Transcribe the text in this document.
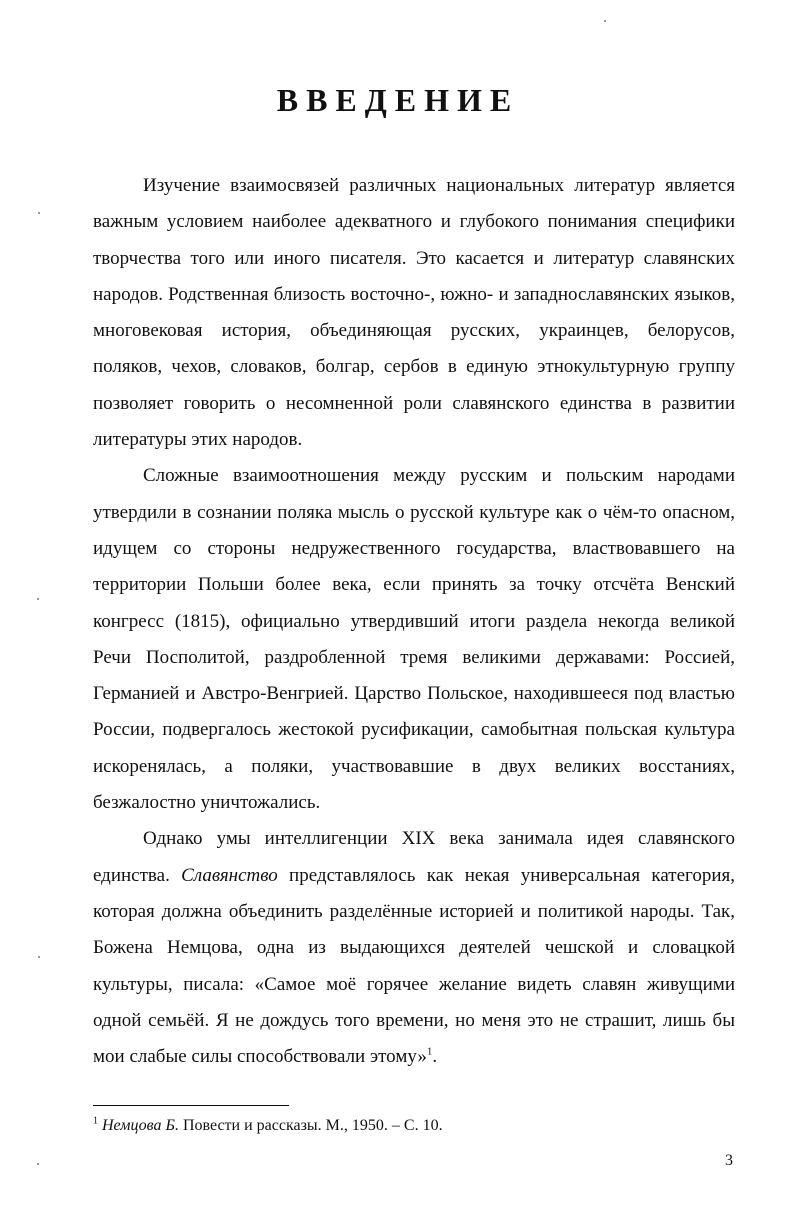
ВВЕДЕНИЕ

Изучение взаимосвязей различных национальных литератур является важным условием наиболее адекватного и глубокого понимания специфики творчества того или иного писателя. Это касается и литератур славянских народов. Родственная близость восточно-, южно- и западнославянских языков, многовековая история, объединяющая русских, украинцев, белорусов, поляков, чехов, словаков, болгар, сербов в единую этнокультурную группу позволяет говорить о несомненной роли славянского единства в развитии литературы этих народов.

Сложные взаимоотношения между русским и польским народами утвердили в сознании поляка мысль о русской культуре как о чём-то опасном, идущем со стороны недружественного государства, властвовавшего на территории Польши более века, если принять за точку отсчёта Венский конгресс (1815), официально утвердивший итоги раздела некогда великой Речи Посполитой, раздробленной тремя великими державами: Россией, Германией и Австро-Венгрией. Царство Польское, находившееся под властью России, подвергалось жестокой русификации, самобытная польская культура искоренялась, а поляки, участвовавшие в двух великих восстаниях, безжалостно уничтожались.

Однако умы интеллигенции XIX века занимала идея славянского единства. Славянство представлялось как некая универсальная категория, которая должна объединить разделённые историей и политикой народы. Так, Божена Немцова, одна из выдающихся деятелей чешской и словацкой культуры, писала: «Самое моё горячее желание видеть славян живущими одной семьёй. Я не дождусь того времени, но меня это не страшит, лишь бы мои слабые силы способствовали этому»$^1$.

$^1$ Немцова Б. Повести и рассказы. М., 1950. – С. 10.
3
